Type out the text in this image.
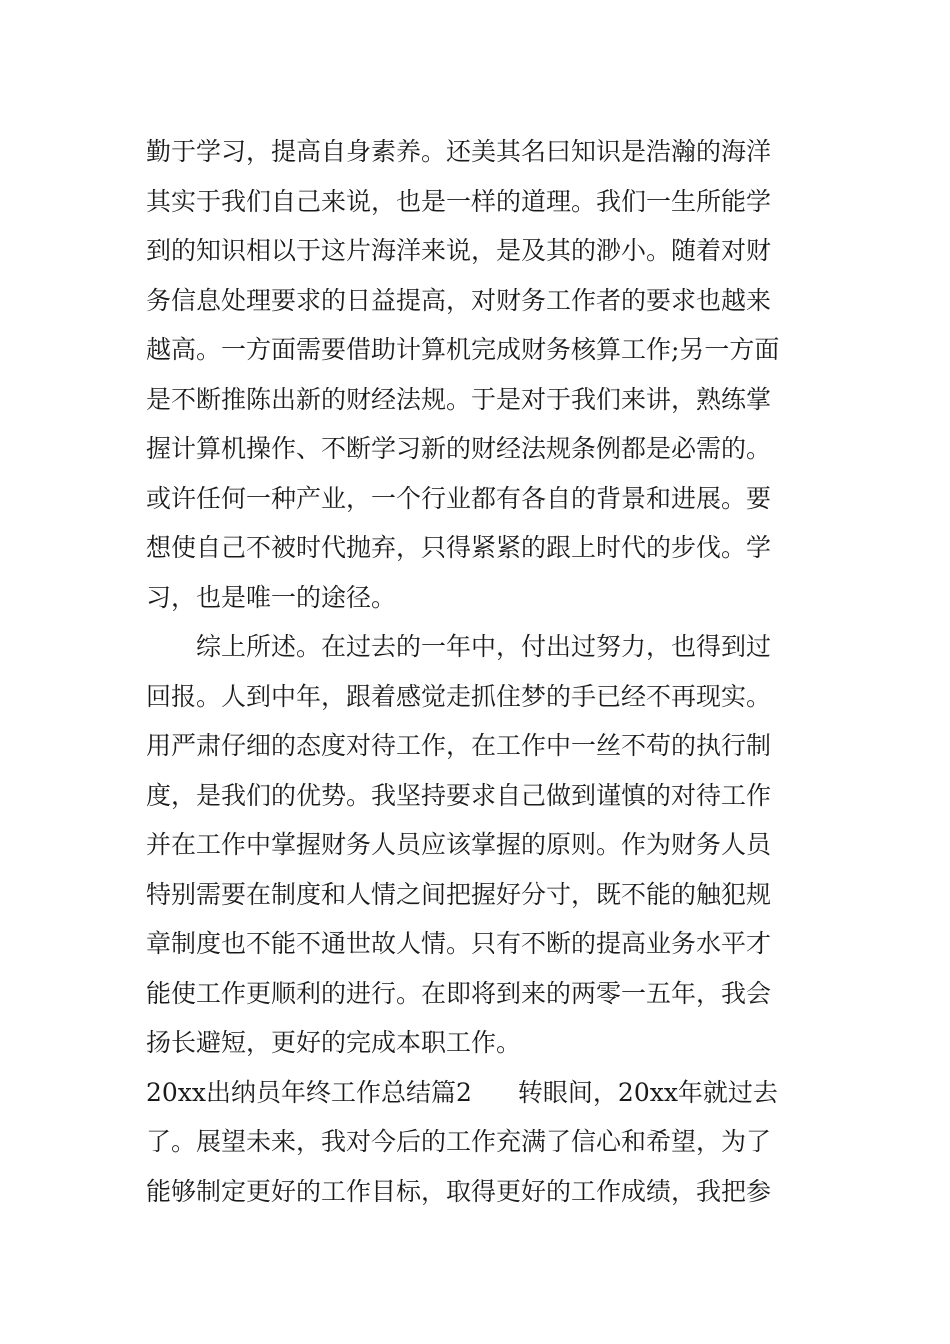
勤于学习，提高自身素养。还美其名曰知识是浩瀚的海洋
其实于我们自己来说，也是一样的道理。我们一生所能学
到的知识相以于这片海洋来说，是及其的渺小。随着对财
务信息处理要求的日益提高，对财务工作者的要求也越来
越高。一方面需要借助计算机完成财务核算工作;另一方面
是不断推陈出新的财经法规。于是对于我们来讲，熟练掌
握计算机操作、不断学习新的财经法规条例都是必需的。
或许任何一种产业，一个行业都有各自的背景和进展。要
想使自己不被时代抛弃，只得紧紧的跟上时代的步伐。学
习，也是唯一的途径。
综上所述。在过去的一年中，付出过努力，也得到过
回报。人到中年，跟着感觉走抓住梦的手已经不再现实。
用严肃仔细的态度对待工作，在工作中一丝不苟的执行制
度，是我们的优势。我坚持要求自己做到谨慎的对待工作
并在工作中掌握财务人员应该掌握的原则。作为财务人员
特别需要在制度和人情之间把握好分寸，既不能的触犯规
章制度也不能不通世故人情。只有不断的提高业务水平才
能使工作更顺利的进行。在即将到来的两零一五年，我会
扬长避短，更好的完成本职工作。
20xx出纳员年终工作总结篇2 转眼间，20xx年就过去
了。展望未来，我对今后的工作充满了信心和希望，为了
能够制定更好的工作目标，取得更好的工作成绩，我把参
